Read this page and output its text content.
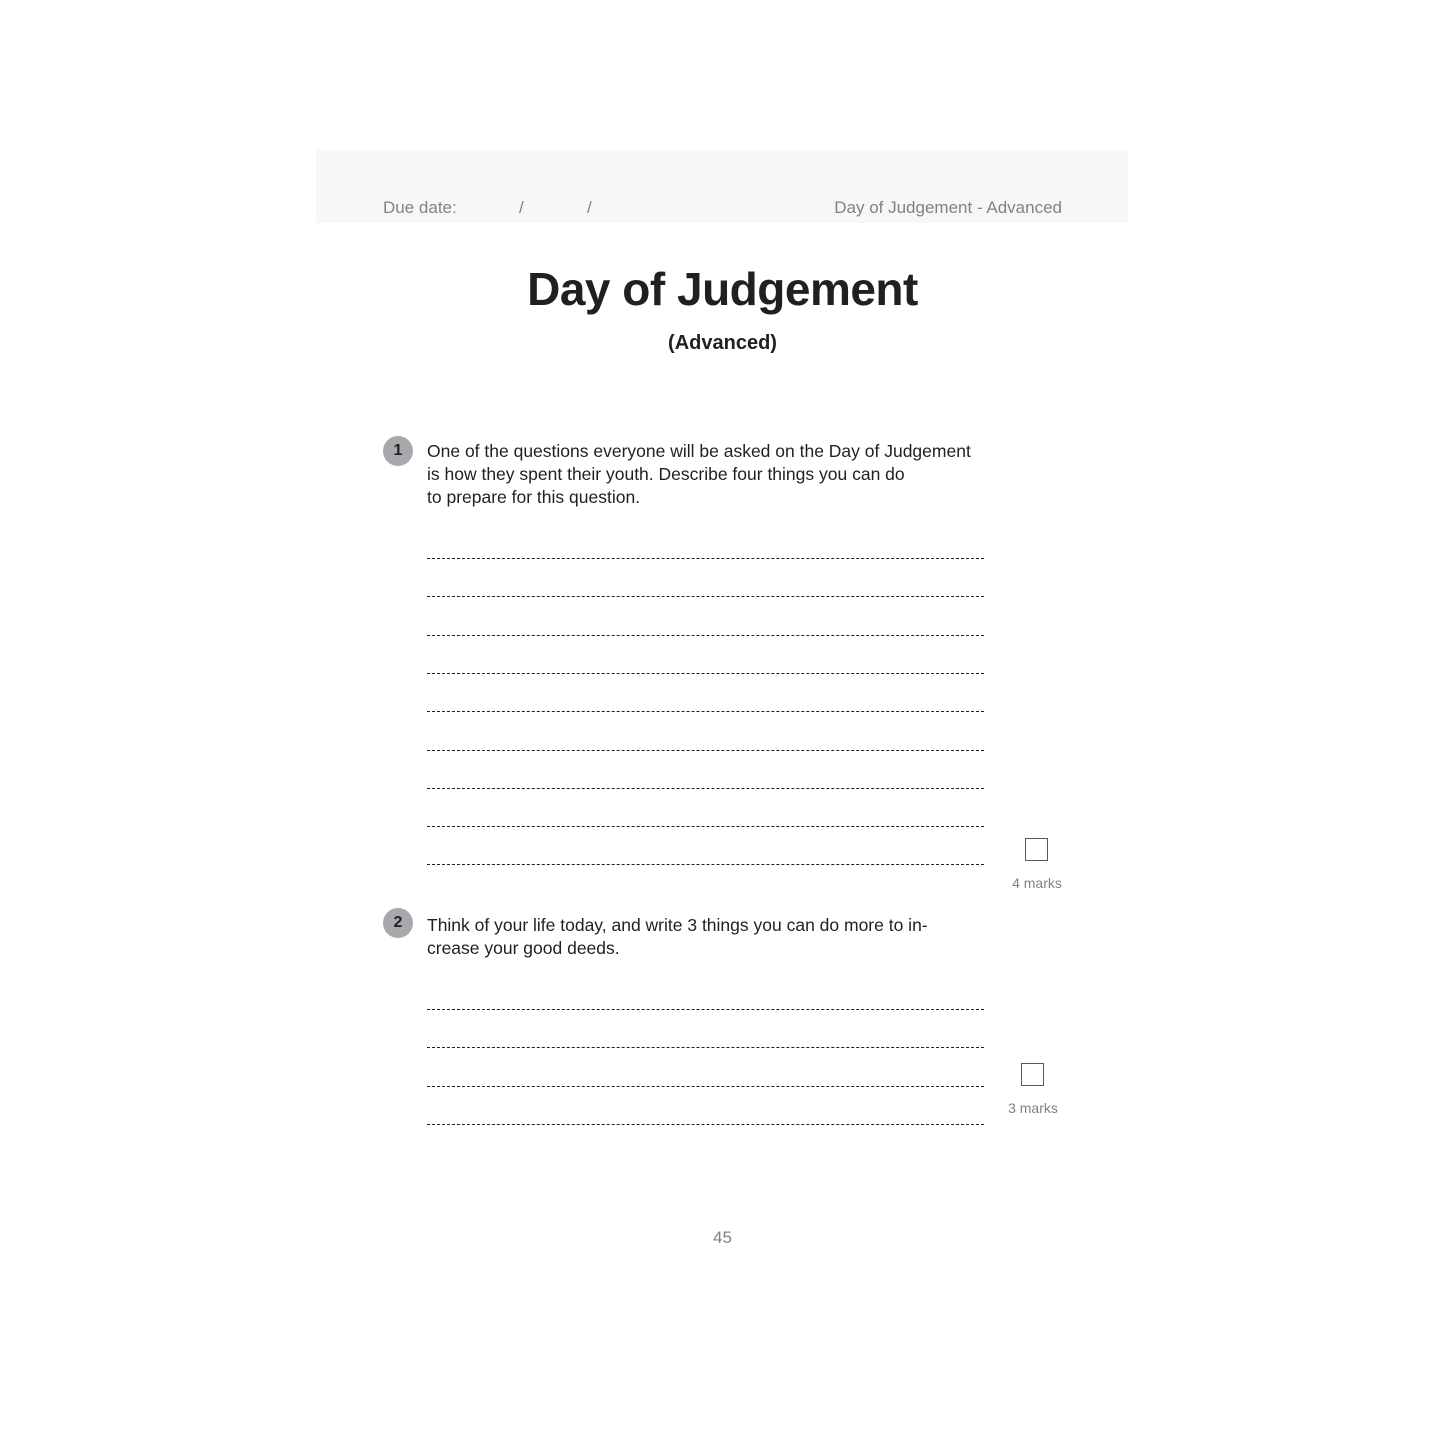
Due date:	/	/	Day of Judgement - Advanced
Day of Judgement
(Advanced)
1	One of the questions everyone will be asked on the Day of Judgement
is how they spent their youth. Describe four things you can do
to prepare for this question.
4 marks
2	Think of your life today, and write 3 things you can do more to in-
crease your good deeds.
3 marks
45
